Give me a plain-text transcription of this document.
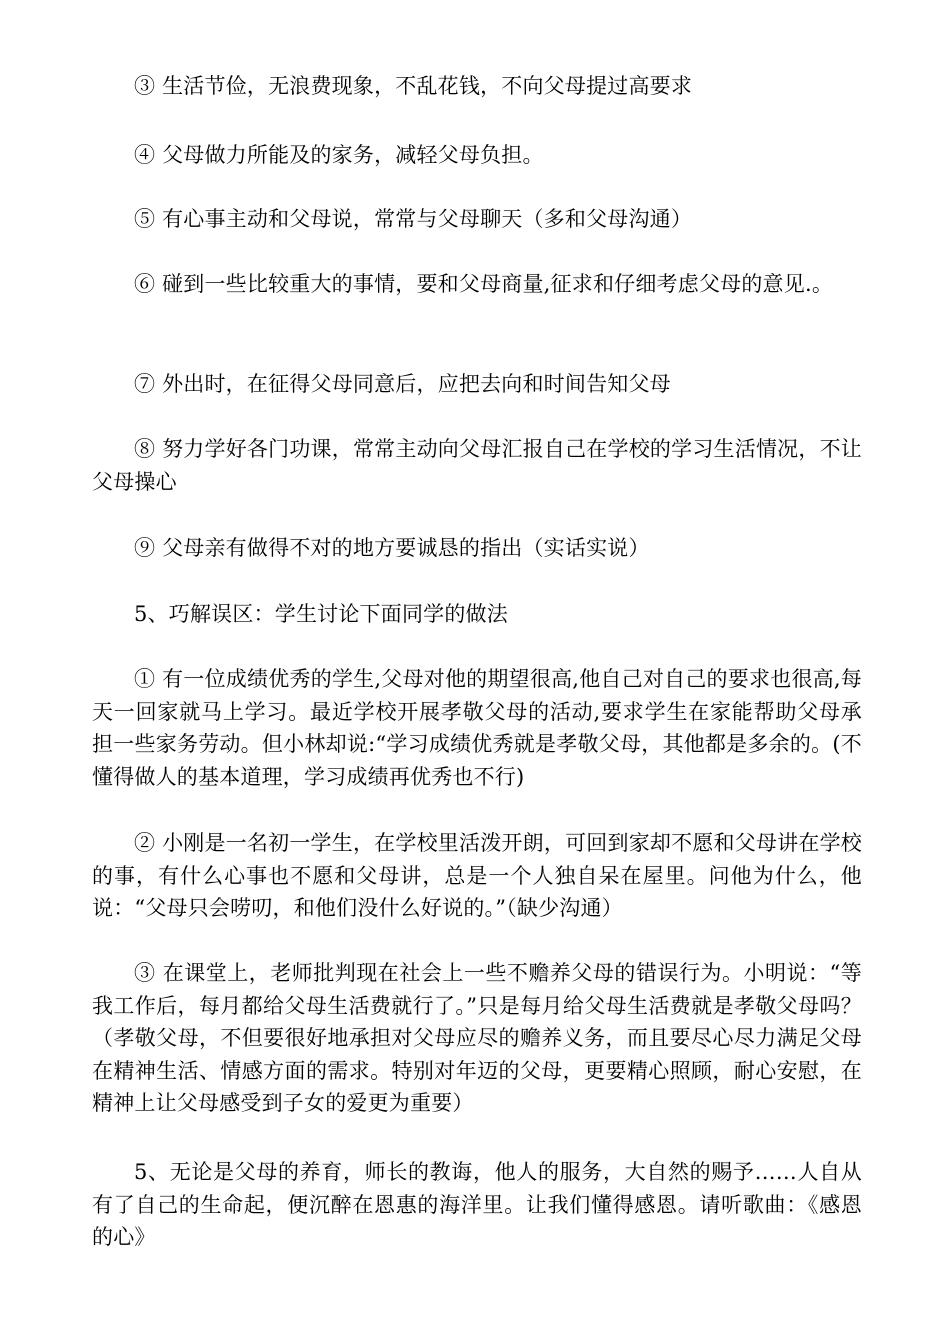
③ 生活节俭，无浪费现象，不乱花钱，不向父母提过高要求

④ 父母做力所能及的家务，减轻父母负担。

⑤ 有心事主动和父母说，常常与父母聊天（多和父母沟通）

⑥ 碰到一些比较重大的事情，要和父母商量,征求和仔细考虑父母的意见.。

⑦ 外出时，在征得父母同意后，应把去向和时间告知父母

⑧ 努力学好各门功课，常常主动向父母汇报自己在学校的学习生活情况，不让父母操心

⑨ 父母亲有做得不对的地方要诚恳的指出（实话实说）

5、巧解误区：学生讨论下面同学的做法

① 有一位成绩优秀的学生,父母对他的期望很高,他自己对自己的要求也很高,每天一回家就马上学习。最近学校开展孝敬父母的活动,要求学生在家能帮助父母承担一些家务劳动。但小林却说:“学习成绩优秀就是孝敬父母，其他都是多余的。(不懂得做人的基本道理，学习成绩再优秀也不行)

② 小刚是一名初一学生，在学校里活泼开朗，可回到家却不愿和父母讲在学校的事，有什么心事也不愿和父母讲，总是一个人独自呆在屋里。问他为什么，他说：“父母只会唠叨，和他们没什么好说的。”（缺少沟通）

③ 在课堂上，老师批判现在社会上一些不赡养父母的错误行为。小明说：“等我工作后，每月都给父母生活费就行了。”只是每月给父母生活费就是孝敬父母吗？（孝敬父母，不但要很好地承担对父母应尽的赡养义务，而且要尽心尽力满足父母在精神生活、情感方面的需求。特别对年迈的父母，更要精心照顾，耐心安慰，在精神上让父母感受到子女的爱更为重要）

5、无论是父母的养育，师长的教诲，他人的服务，大自然的赐予……人自从有了自己的生命起，便沉醉在恩惠的海洋里。让我们懂得感恩。请听歌曲：《感恩的心》
